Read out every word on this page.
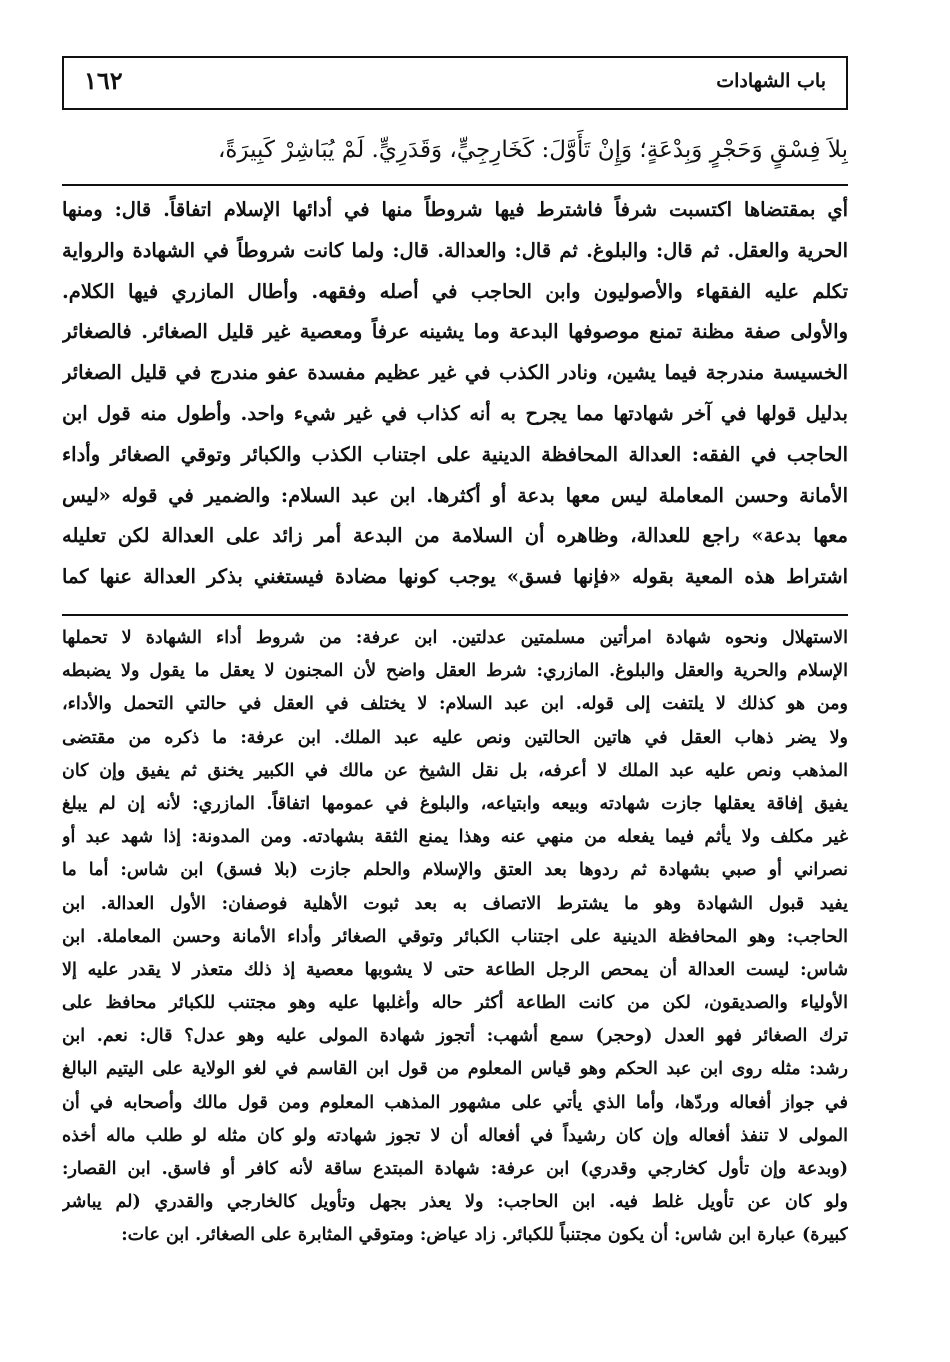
١٦٢	باب الشهادات
بِلاَ فِسْقٍ وَحَجْرٍ وَبِدْعَةٍ؛ وَإِنْ تَأَوَّلَ: كَخَارِجِيٍّ، وَقَدَرِيٍّ. لَمْ يُبَاشِرْ كَبِيرَةً،
أي بمقتضاها اكتسبت شرفاً فاشترط فيها شروطاً منها في أدائها الإسلام اتفاقاً. قال: ومنها
الحرية والعقل. ثم قال: والبلوغ. ثم قال: والعدالة. قال: ولما كانت شروطاً في الشهادة والرواية
تكلم عليه الفقهاء والأصوليون وابن الحاجب في أصله وفقهه. وأطال المازري فيها الكلام.
والأولى صفة مظنة تمنع موصوفها البدعة وما يشينه عرفاً ومعصية غير قليل الصغائر. فالصغائر
الخسيسة مندرجة فيما يشين، ونادر الكذب في غير عظيم مفسدة عفو مندرج في قليل الصغائر
بدليل قولها في آخر شهادتها مما يجرح به أنه كذاب في غير شيء واحد. وأطول منه قول ابن
الحاجب في الفقه: العدالة المحافظة الدينية على اجتناب الكذب والكبائر وتوقي الصغائر وأداء
الأمانة وحسن المعاملة ليس معها بدعة أو أكثرها. ابن عبد السلام: والضمير في قوله «ليس
معها بدعة» راجع للعدالة، وظاهره أن السلامة من البدعة أمر زائد على العدالة لكن تعليله
اشتراط هذه المعية بقوله «فإنها فسق» يوجب كونها مضادة فيستغني بذكر العدالة عنها كما
الاستهلال ونحوه شهادة امرأتين مسلمتين عدلتين. ابن عرفة: من شروط أداء الشهادة لا تحملها
الإسلام والحرية والعقل والبلوغ. المازري: شرط العقل واضح لأن المجنون لا يعقل ما يقول ولا يضبطه
ومن هو كذلك لا يلتفت إلى قوله. ابن عبد السلام: لا يختلف في العقل في حالتي التحمل والأداء،
ولا يضر ذهاب العقل في هاتين الحالتين ونص عليه عبد الملك. ابن عرفة: ما ذكره من مقتضى
المذهب ونص عليه عبد الملك لا أعرفه، بل نقل الشيخ عن مالك في الكبير يخنق ثم يفيق وإن كان
يفيق إفاقة يعقلها جازت شهادته وبيعه وابتياعه، والبلوغ في عمومها اتفاقاً. المازري: لأنه إن لم يبلغ
غير مكلف ولا يأثم فيما يفعله من منهي عنه وهذا يمنع الثقة بشهادته. ومن المدونة: إذا شهد عبد أو
نصراني أو صبي بشهادة ثم ردوها بعد العتق والإسلام والحلم جازت (بلا فسق) ابن شاس: أما ما
يفيد قبول الشهادة وهو ما يشترط الاتصاف به بعد ثبوت الأهلية فوصفان: الأول العدالة. ابن
الحاجب: وهو المحافظة الدينية على اجتناب الكبائر وتوقي الصغائر وأداء الأمانة وحسن المعاملة. ابن
شاس: ليست العدالة أن يمحص الرجل الطاعة حتى لا يشوبها معصية إذ ذلك متعذر لا يقدر عليه إلا
الأولياء والصديقون، لكن من كانت الطاعة أكثر حاله وأغلبها عليه وهو مجتنب للكبائر محافظ على
ترك الصغائر فهو العدل (وحجر) سمع أشهب: أتجوز شهادة المولى عليه وهو عدل؟ قال: نعم. ابن
رشد: مثله روى ابن عبد الحكم وهو قياس المعلوم من قول ابن القاسم في لغو الولاية على اليتيم البالغ
في جواز أفعاله وردّها، وأما الذي يأتي على مشهور المذهب المعلوم ومن قول مالك وأصحابه في أن
المولى لا تنفذ أفعاله وإن كان رشيداً في أفعاله أن لا تجوز شهادته ولو كان مثله لو طلب ماله أخذه
(وبدعة وإن تأول كخارجي وقدري) ابن عرفة: شهادة المبتدع ساقة لأنه كافر أو فاسق. ابن القصار:
ولو كان عن تأويل غلط فيه. ابن الحاجب: ولا يعذر بجهل وتأويل كالخارجي والقدري (لم يباشر
كبيرة) عبارة ابن شاس: أن يكون مجتنباً للكبائر. زاد عياض: ومتوقي المثابرة على الصغائر. ابن عات:
